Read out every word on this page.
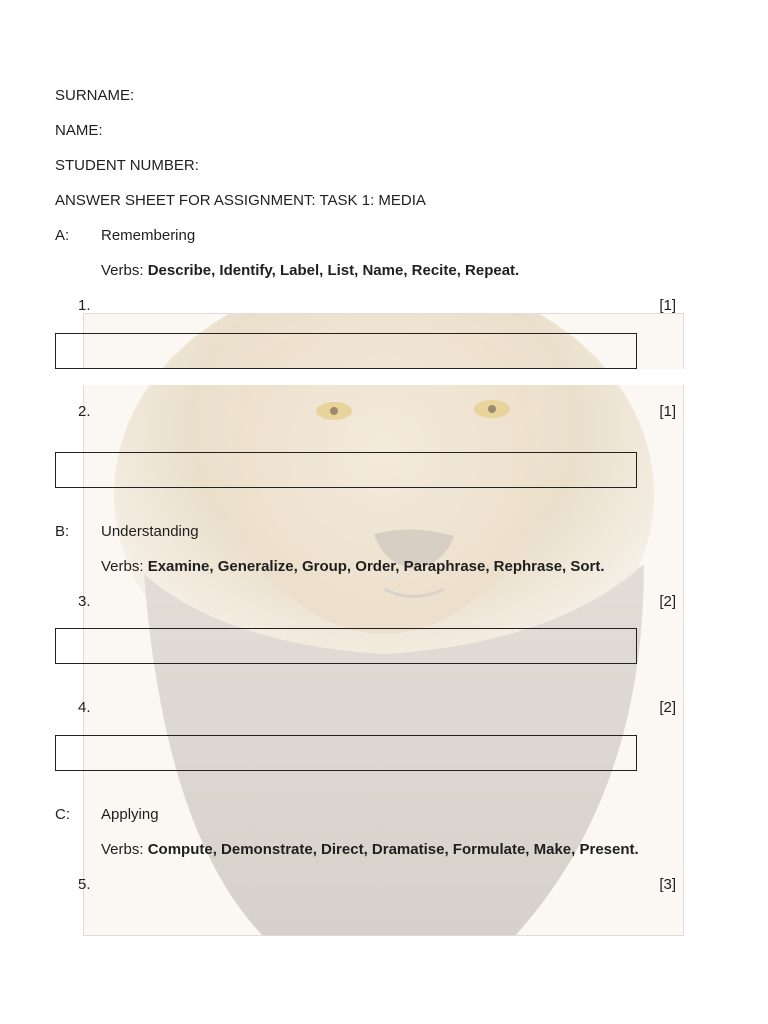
SURNAME:
NAME:
STUDENT NUMBER:
ANSWER SHEET FOR ASSIGNMENT: TASK 1: MEDIA
A: Remembering
Verbs: Describe, Identify, Label, List, Name, Recite, Repeat.
1.	[1]
2.	[1]
B: Understanding
Verbs: Examine, Generalize, Group, Order, Paraphrase, Rephrase, Sort.
3.	[2]
4.	[2]
C: Applying
Verbs: Compute, Demonstrate, Direct, Dramatise, Formulate, Make, Present.
5.	[3]
